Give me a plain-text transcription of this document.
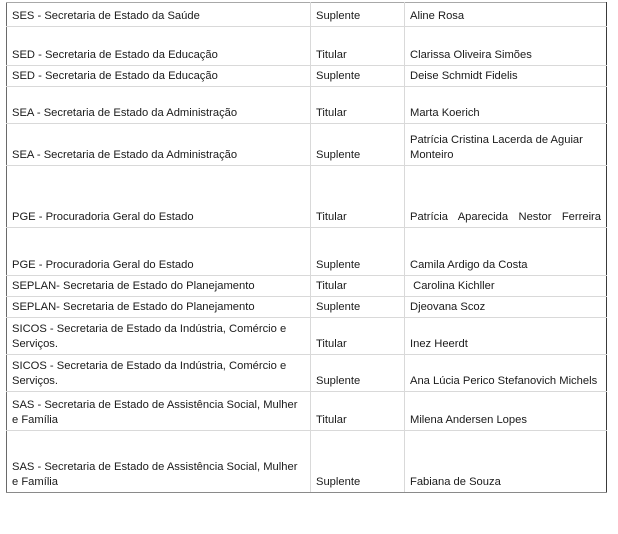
SES - Secretaria de Estado da Saúde	Suplente	Aline Rosa

SED - Secretaria de Estado da Educação	Titular	Clarissa Oliveira Simões

SED - Secretaria de Estado da Educação	Suplente	Deise Schmidt Fidelis

SEA - Secretaria de Estado da Administração	Titular	Marta Koerich

SEA - Secretaria de Estado da Administração	Suplente	Patrícia Cristina Lacerda de Aguiar Monteiro

PGE - Procuradoria Geral do Estado	Titular	Patrícia Aparecida Nestor Ferreira

PGE - Procuradoria Geral do Estado	Suplente	Camila Ardigo da Costa

SEPLAN- Secretaria de Estado do Planejamento	Titular	Carolina Kichller

SEPLAN- Secretaria de Estado do Planejamento	Suplente	Djeovana Scoz

SICOS - Secretaria de Estado da Indústria, Comércio e Serviços.	Titular	Inez Heerdt

SICOS - Secretaria de Estado da Indústria, Comércio e Serviços.	Suplente	Ana Lúcia Perico Stefanovich Michels

SAS - Secretaria de Estado de Assistência Social, Mulher e Família	Titular	Milena Andersen Lopes

SAS - Secretaria de Estado de Assistência Social, Mulher e Família	Suplente	Fabiana de Souza
